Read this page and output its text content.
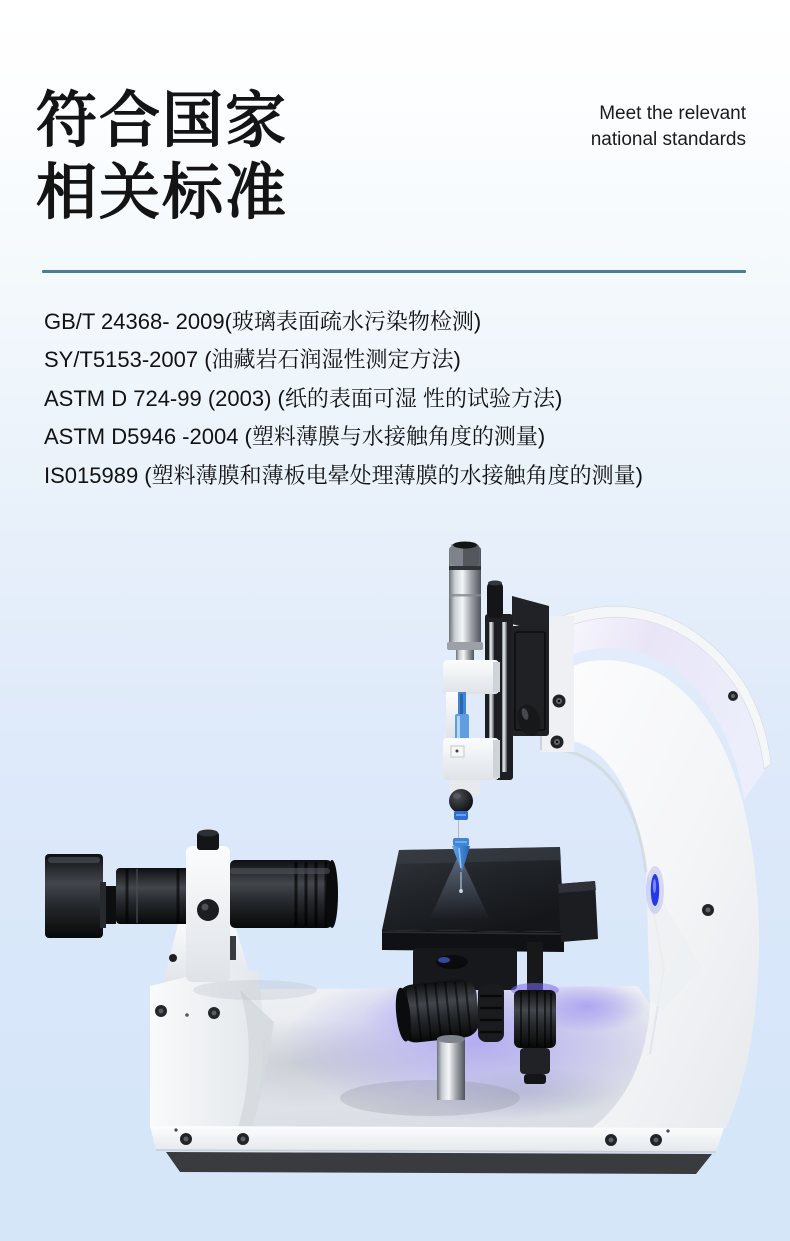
符合国家
相关标准
Meet the relevant
national standards
GB/T 24368- 2009(玻璃表面疏水污染物检测)
SY/T5153-2007 (油藏岩石润湿性测定方法)
ASTM D 724-99 (2003) (纸的表面可湿 性的试验方法)
ASTM D5946 -2004 (塑料薄膜与水接触角度的测量)
IS015989 (塑料薄膜和薄板电晕处理薄膜的水接触角度的测量)
